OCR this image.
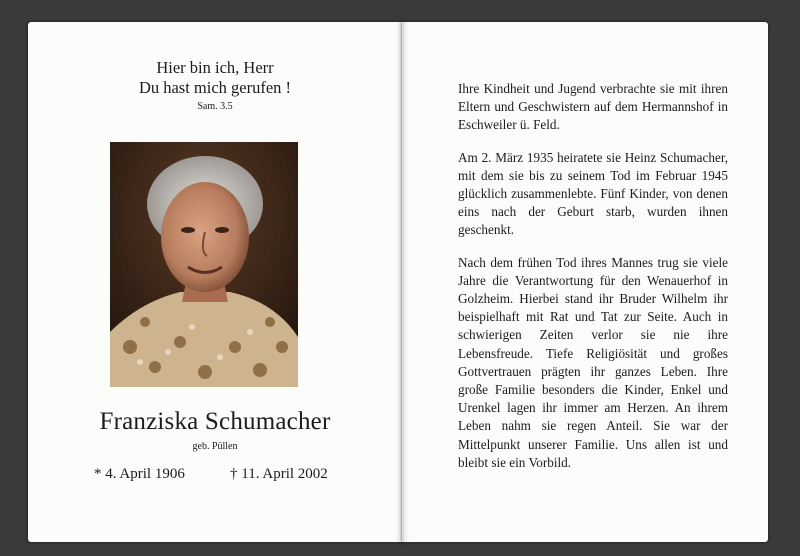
Hier bin ich, Herr
Du hast mich gerufen !
Sam. 3.5
Franziska Schumacher
geb. Püllen
* 4. April 1906	† 11. April 2002

Ihre Kindheit und Jugend verbrachte sie mit ihren Eltern und Geschwistern auf dem Hermannshof in Eschweiler ü. Feld.

Am 2. März 1935 heiratete sie Heinz Schumacher, mit dem sie bis zu seinem Tod im Februar 1945 glücklich zusammenlebte. Fünf Kinder, von denen eins nach der Geburt starb, wurden ihnen geschenkt.

Nach dem frühen Tod ihres Mannes trug sie viele Jahre die Verantwortung für den Wenauerhof in Golzheim. Hierbei stand ihr Bruder Wilhelm ihr beispielhaft mit Rat und Tat zur Seite. Auch in schwierigen Zeiten verlor sie nie ihre Lebensfreude. Tiefe Religiösität und großes Gottvertrauen prägten ihr ganzes Leben. Ihre große Familie besonders die Kinder, Enkel und Urenkel lagen ihr immer am Herzen. An ihrem Leben nahm sie regen Anteil. Sie war der Mittelpunkt unserer Familie. Uns allen ist und bleibt sie ein Vorbild.
